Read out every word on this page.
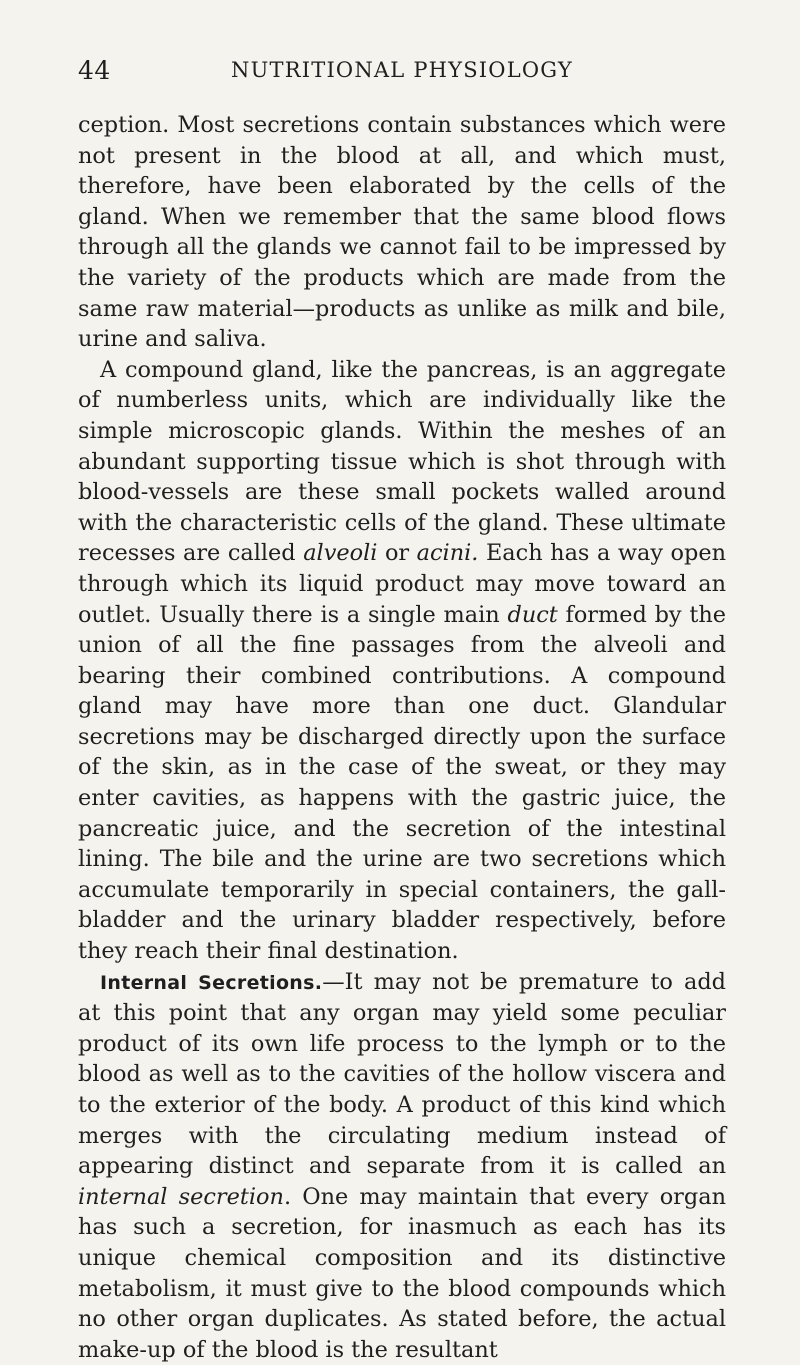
44	NUTRITIONAL PHYSIOLOGY

ception. Most secretions contain substances which were not present in the blood at all, and which must, therefore, have been elaborated by the cells of the gland. When we remember that the same blood flows through all the glands we cannot fail to be impressed by the variety of the products which are made from the same raw material—products as unlike as milk and bile, urine and saliva.

A compound gland, like the pancreas, is an aggregate of numberless units, which are individually like the simple microscopic glands. Within the meshes of an abundant supporting tissue which is shot through with blood-vessels are these small pockets walled around with the characteristic cells of the gland. These ultimate recesses are called alveoli or acini. Each has a way open through which its liquid product may move toward an outlet. Usually there is a single main duct formed by the union of all the fine passages from the alveoli and bearing their combined contributions. A compound gland may have more than one duct. Glandular secretions may be discharged directly upon the surface of the skin, as in the case of the sweat, or they may enter cavities, as happens with the gastric juice, the pancreatic juice, and the secretion of the intestinal lining. The bile and the urine are two secretions which accumulate temporarily in special containers, the gall-bladder and the urinary bladder respectively, before they reach their final destination.

Internal Secretions.—It may not be premature to add at this point that any organ may yield some peculiar product of its own life process to the lymph or to the blood as well as to the cavities of the hollow viscera and to the exterior of the body. A product of this kind which merges with the circulating medium instead of appearing distinct and separate from it is called an internal secretion. One may maintain that every organ has such a secretion, for inasmuch as each has its unique chemical composition and its distinctive metabolism, it must give to the blood compounds which no other organ duplicates. As stated before, the actual make-up of the blood is the resultant
